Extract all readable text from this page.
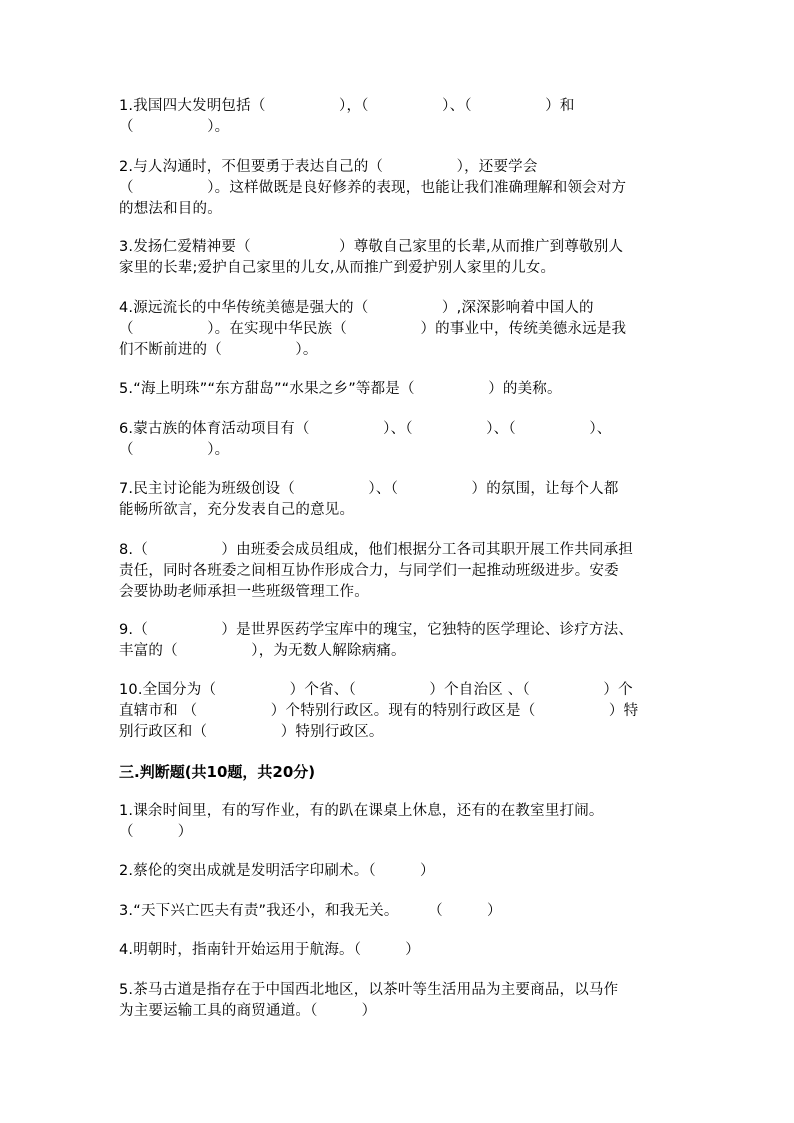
1.我国四大发明包括（　　　　　），（　　　　　）、（　　　　　）和
（　　　　　）。
2.与人沟通时，不但要勇于表达自己的（　　　　　），还要学会
（　　　　　）。这样做既是良好修养的表现，也能让我们准确理解和领会对方
的想法和目的。
3.发扬仁爱精神要（　　　　　　）尊敬自己家里的长辈,从而推广到尊敬别人
家里的长辈;爱护自己家里的儿女,从而推广到爱护别人家里的儿女。
4.源远流长的中华传统美德是强大的（　　　　　）,深深影响着中国人的
（　　　　　）。在实现中华民族（　　　　　）的事业中，传统美德永远是我
们不断前进的（　　　　　）。
5.“海上明珠”“东方甜岛”“水果之乡”等都是（　　　　　）的美称。
6.蒙古族的体育活动项目有（　　　　　）、（　　　　　）、（　　　　　）、
（　　　　　）。
7.民主讨论能为班级创设（　　　　　）、（　　　　　）的氛围，让每个人都
能畅所欲言，充分发表自己的意见。
8.（　　　　　）由班委会成员组成，他们根据分工各司其职开展工作共同承担
责任，同时各班委之间相互协作形成合力，与同学们一起推动班级进步。安委
会要协助老师承担一些班级管理工作。
9.（　　　　　）是世界医药学宝库中的瑰宝，它独特的医学理论、诊疗方法、
丰富的（　　　　　），为无数人解除病痛。
10.全国分为（　　　　　）个省、（　　　　　）个自治区 、（　　　　　）个
直辖市和 （　　　　　）个特别行政区。现有的特别行政区是（　　　　　）特
别行政区和（　　　　　）特别行政区。
三.判断题(共10题，共20分)
1.课余时间里，有的写作业，有的趴在课桌上休息，还有的在教室里打闹。
（　　　）
2.蔡伦的突出成就是发明活字印刷术。（　　　）
3.“天下兴亡匹夫有责”我还小，和我无关。　　　（　　　）
4.明朝时，指南针开始运用于航海。（　　　）
5.茶马古道是指存在于中国西北地区，以茶叶等生活用品为主要商品，以马作
为主要运输工具的商贸通道。（　　　）
